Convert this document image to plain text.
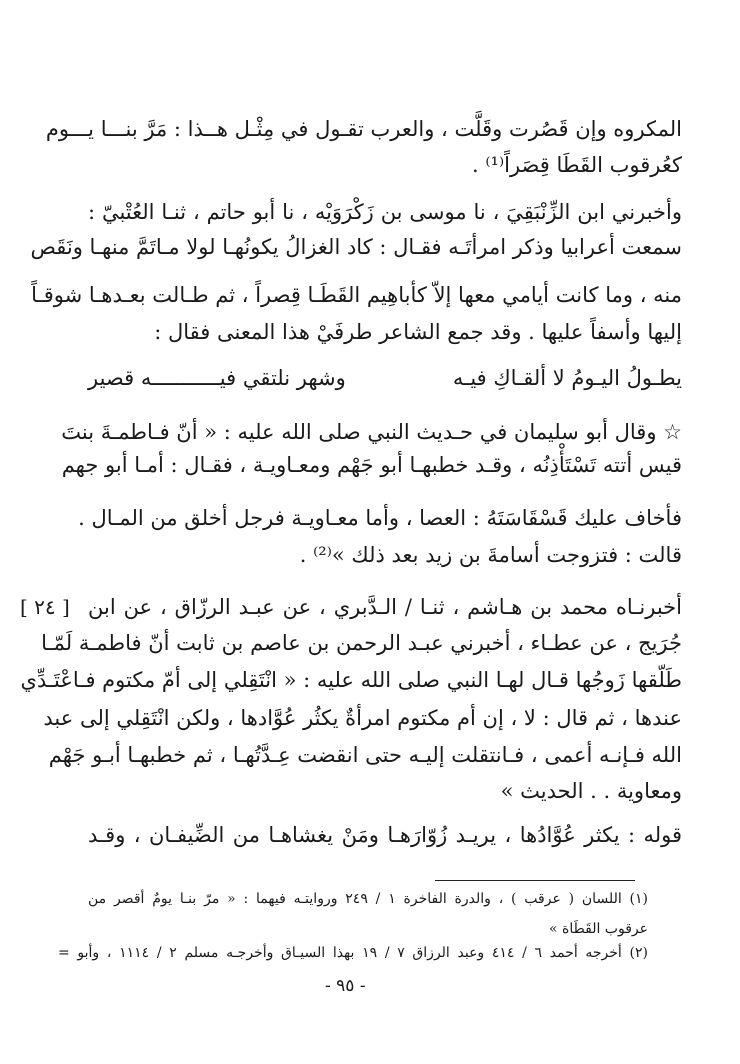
المكروه وإن قَصُرت وقَلَّت ، والعرب تقـول في مِثْـل هــذا : مَرَّ بنـــا يـــوم
كعُرقوب القَطَا قِصَراً⁽¹⁾ .
وأخبرني ابن الزِّنْبَقِيَ ، نا موسى بن زَكْرَوَيْه ، نا أبو حاتم ، ثنـا العُتْبيّ :
سمعت أعرابيا وذكر امرأتَـه فقـال : كاد الغزالُ يكونُهـا لولا مـاتَمَّ منهـا ونَقَص
منه ، وما كانت أيامي معها إلاّ كأباهِيم القَطَـا قِصراً ، ثم طـالت بعـدهـا شوقـاً
إليها وأسفاً عليها . وقد جمع الشاعر طرفَيْ هذا المعنى فقال :
يطـولُ اليـومُ لا ألقـاكِ فيـه
وشهر نلتقي فيـــــــــــه قصير
☆ وقال أبو سليمان في حـديث النبي صلى الله عليه : « أنّ فـاطمـةَ بنتَ
قيس أتته تَسْتَأْذِنُه ، وقـد خطبهـا أبو جَهْم ومعـاويـة ، فقـال : أمـا أبو جهم
فأخاف عليك قَسْقَاسَتَهُ : العصا ، وأما معـاويـة فرجل أخلق من المـال .
قالت : فتزوجت أسامةَ بن زيد بعد ذلك »⁽²⁾ .
[ ٢٤ ] أخبرنـاه محمد بن هـاشم ، ثنـا / الـدَّبري ، عن عبـد الرزّاق ، عن ابن
جُرَيج ، عن عطـاء ، أخبرني عبـد الرحمن بن عاصم بن ثابت أنّ فاطمـة لَمّـا
طَلّقها زَوجُها قـال لهـا النبي صلى الله عليه : « انْتَقِلي إلى أمّ مكتوم فـاعْتَـدِّي
عندها ، ثم قال : لا ، إن أم مكتوم امرأةٌ يكثُر عُوَّادها ، ولكن انْتَقِلي إلى عبد
الله فـإنـه أعمى ، فـانتقلت إليـه حتى انقضت عِـدَّتُهـا ، ثم خطبهـا أبـو جَهْم
ومعاوية . . الحديث »
قوله : يكثر عُوَّادُها ، يريـد زُوّارَهـا ومَنْ يغشاهـا من الضِّيفـان ، وقـد
(١) اللسان ( عرقب ) ، والدرة الفاخرة ١ / ٢٤٩ وروايتـه فيهما : « مرّ بنـا يومٌ أقصر من
عرقوب القَطَاة »
(٢) أخرجه أحمد ٦ / ٤١٤ وعبد الرزاق ٧ / ١٩ بهذا السيـاق وأخرجـه مسلم ٢ / ١١١٤ ، وأبو =
- ٩٥ -
